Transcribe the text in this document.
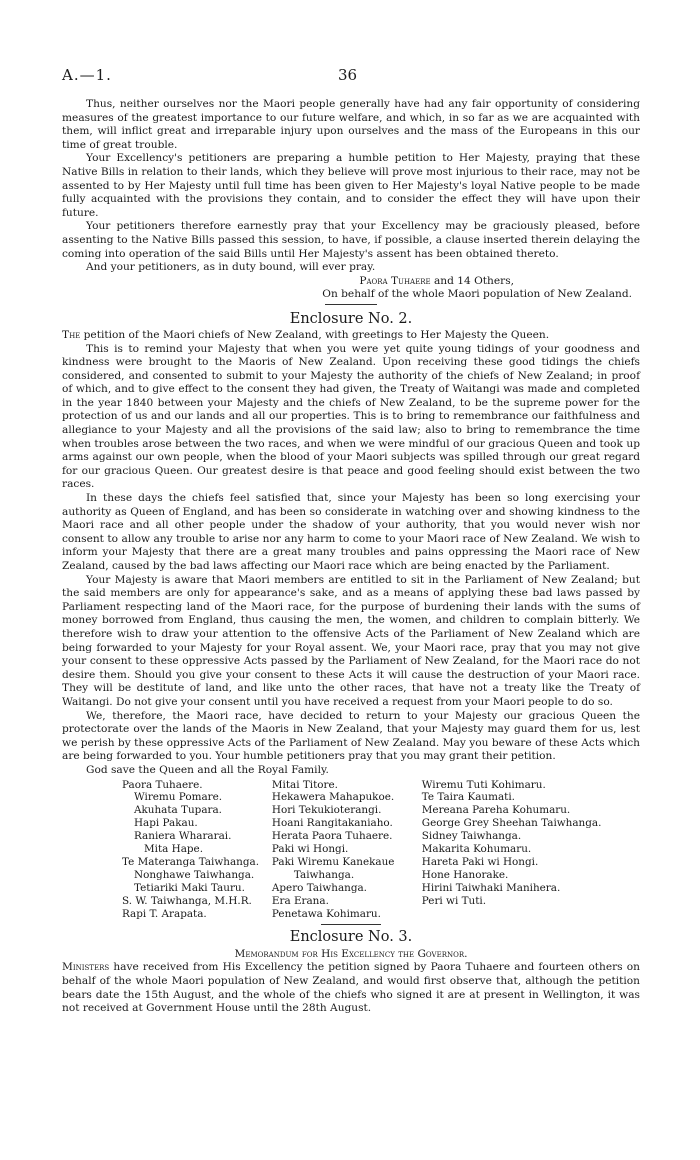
A.—1.	36

Thus, neither ourselves nor the Maori people generally have had any fair opportunity of considering measures of the greatest importance to our future welfare, and which, in so far as we are acquainted with them, will inflict great and irreparable injury upon ourselves and the mass of the Europeans in this our time of great trouble.

Your Excellency's petitioners are preparing a humble petition to Her Majesty, praying that these Native Bills in relation to their lands, which they believe will prove most injurious to their race, may not be assented to by Her Majesty until full time has been given to Her Majesty's loyal Native people to be made fully acquainted with the provisions they contain, and to consider the effect they will have upon their future.

Your petitioners therefore earnestly pray that your Excellency may be graciously pleased, before assenting to the Native Bills passed this session, to have, if possible, a clause inserted therein delaying the coming into operation of the said Bills until Her Majesty's assent has been obtained thereto.

And your petitioners, as in duty bound, will ever pray.

Paora Tuhaere and 14 Others,
On behalf of the whole Maori population of New Zealand.
Enclosure No. 2.

The petition of the Maori chiefs of New Zealand, with greetings to Her Majesty the Queen.

This is to remind your Majesty that when you were yet quite young tidings of your goodness and kindness were brought to the Maoris of New Zealand. Upon receiving these good tidings the chiefs considered, and consented to submit to your Majesty the authority of the chiefs of New Zealand; in proof of which, and to give effect to the consent they had given, the Treaty of Waitangi was made and completed in the year 1840 between your Majesty and the chiefs of New Zealand, to be the supreme power for the protection of us and our lands and all our properties. This is to bring to remembrance our faithfulness and allegiance to your Majesty and all the provisions of the said law; also to bring to remembrance the time when troubles arose between the two races, and when we were mindful of our gracious Queen and took up arms against our own people, when the blood of your Maori subjects was spilled through our great regard for our gracious Queen. Our greatest desire is that peace and good feeling should exist between the two races.

In these days the chiefs feel satisfied that, since your Majesty has been so long exercising your authority as Queen of England, and has been so considerate in watching over and showing kindness to the Maori race and all other people under the shadow of your authority, that you would never wish nor consent to allow any trouble to arise nor any harm to come to your Maori race of New Zealand. We wish to inform your Majesty that there are a great many troubles and pains oppressing the Maori race of New Zealand, caused by the bad laws affecting our Maori race which are being enacted by the Parliament.

Your Majesty is aware that Maori members are entitled to sit in the Parliament of New Zealand; but the said members are only for appearance's sake, and as a means of applying these bad laws passed by Parliament respecting land of the Maori race, for the purpose of burdening their lands with the sums of money borrowed from England, thus causing the men, the women, and children to complain bitterly. We therefore wish to draw your attention to the offensive Acts of the Parliament of New Zealand which are being forwarded to your Majesty for your Royal assent. We, your Maori race, pray that you may not give your consent to these oppressive Acts passed by the Parliament of New Zealand, for the Maori race do not desire them. Should you give your consent to these Acts it will cause the destruction of your Maori race. They will be destitute of land, and like unto the other races, that have not a treaty like the Treaty of Waitangi. Do not give your consent until you have received a request from your Maori people to do so.

We, therefore, the Maori race, have decided to return to your Majesty our gracious Queen the protectorate over the lands of the Maoris in New Zealand, that your Majesty may guard them for us, lest we perish by these oppressive Acts of the Parliament of New Zealand. May you beware of these Acts which are being forwarded to you. Your humble petitioners pray that you may grant their petition.

God save the Queen and all the Royal Family.

Paora Tuhaere.
Wiremu Pomare.
Akuhata Tupara.
Hapi Pakau.
Raniera Whararai.
Mita Hape.
Te Materanga Taiwhanga.
Nonghawe Taiwhanga.
Tetiariki Maki Tauru.
S. W. Taiwhanga, M.H.R.
Rapi T. Arapata.
Mitai Titore.
Hekawera Mahapukoe.
Hori Tekukioterangi.
Hoani Rangitakaniaho.
Herata Paora Tuhaere.
Paki wi Hongi.
Paki Wiremu Kanekaue
Taiwhanga.
Apero Taiwhanga.
Era Erana.
Penetawa Kohimaru.
Wiremu Tuti Kohimaru.
Te Taira Kaumati.
Mereana Pareha Kohumaru.
George Grey Sheehan Taiwhanga.
Sidney Taiwhanga.
Makarita Kohumaru.
Hareta Paki wi Hongi.
Hone Hanorake.
Hirini Taiwhaki Manihera.
Peri wi Tuti.
Enclosure No. 3.
Memorandum for His Excellency the Governor.

Ministers have received from His Excellency the petition signed by Paora Tuhaere and fourteen others on behalf of the whole Maori population of New Zealand, and would first observe that, although the petition bears date the 15th August, and the whole of the chiefs who signed it are at present in Wellington, it was not received at Government House until the 28th August.
